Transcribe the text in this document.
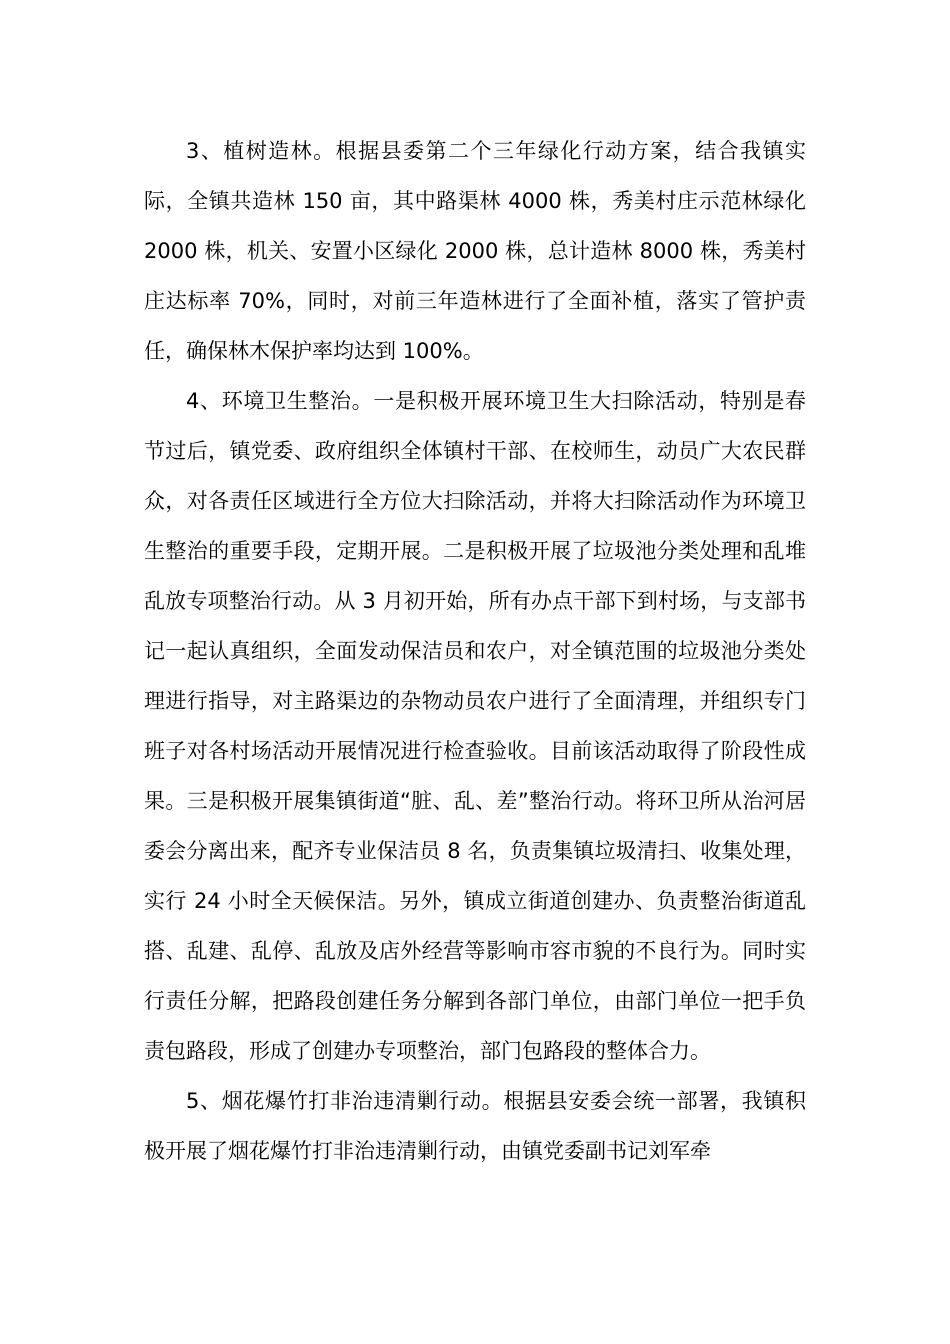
3、植树造林。根据县委第二个三年绿化行动方案，结合我镇实际，全镇共造林 150 亩，其中路渠林 4000 株，秀美村庄示范林绿化 2000 株，机关、安置小区绿化 2000 株，总计造林 8000 株，秀美村庄达标率 70%，同时，对前三年造林进行了全面补植，落实了管护责任，确保林木保护率均达到 100%。

4、环境卫生整治。一是积极开展环境卫生大扫除活动，特别是春节过后，镇党委、政府组织全体镇村干部、在校师生，动员广大农民群众，对各责任区域进行全方位大扫除活动，并将大扫除活动作为环境卫生整治的重要手段，定期开展。二是积极开展了垃圾池分类处理和乱堆乱放专项整治行动。从 3 月初开始，所有办点干部下到村场，与支部书记一起认真组织，全面发动保洁员和农户，对全镇范围的垃圾池分类处理进行指导，对主路渠边的杂物动员农户进行了全面清理，并组织专门班子对各村场活动开展情况进行检查验收。目前该活动取得了阶段性成果。三是积极开展集镇街道“脏、乱、差”整治行动。将环卫所从治河居委会分离出来，配齐专业保洁员 8 名，负责集镇垃圾清扫、收集处理，实行 24 小时全天候保洁。另外，镇成立街道创建办、负责整治街道乱搭、乱建、乱停、乱放及店外经营等影响市容市貌的不良行为。同时实行责任分解，把路段创建任务分解到各部门单位，由部门单位一把手负责包路段，形成了创建办专项整治，部门包路段的整体合力。

5、烟花爆竹打非治违清剿行动。根据县安委会统一部署，我镇积极开展了烟花爆竹打非治违清剿行动，由镇党委副书记刘军牵
